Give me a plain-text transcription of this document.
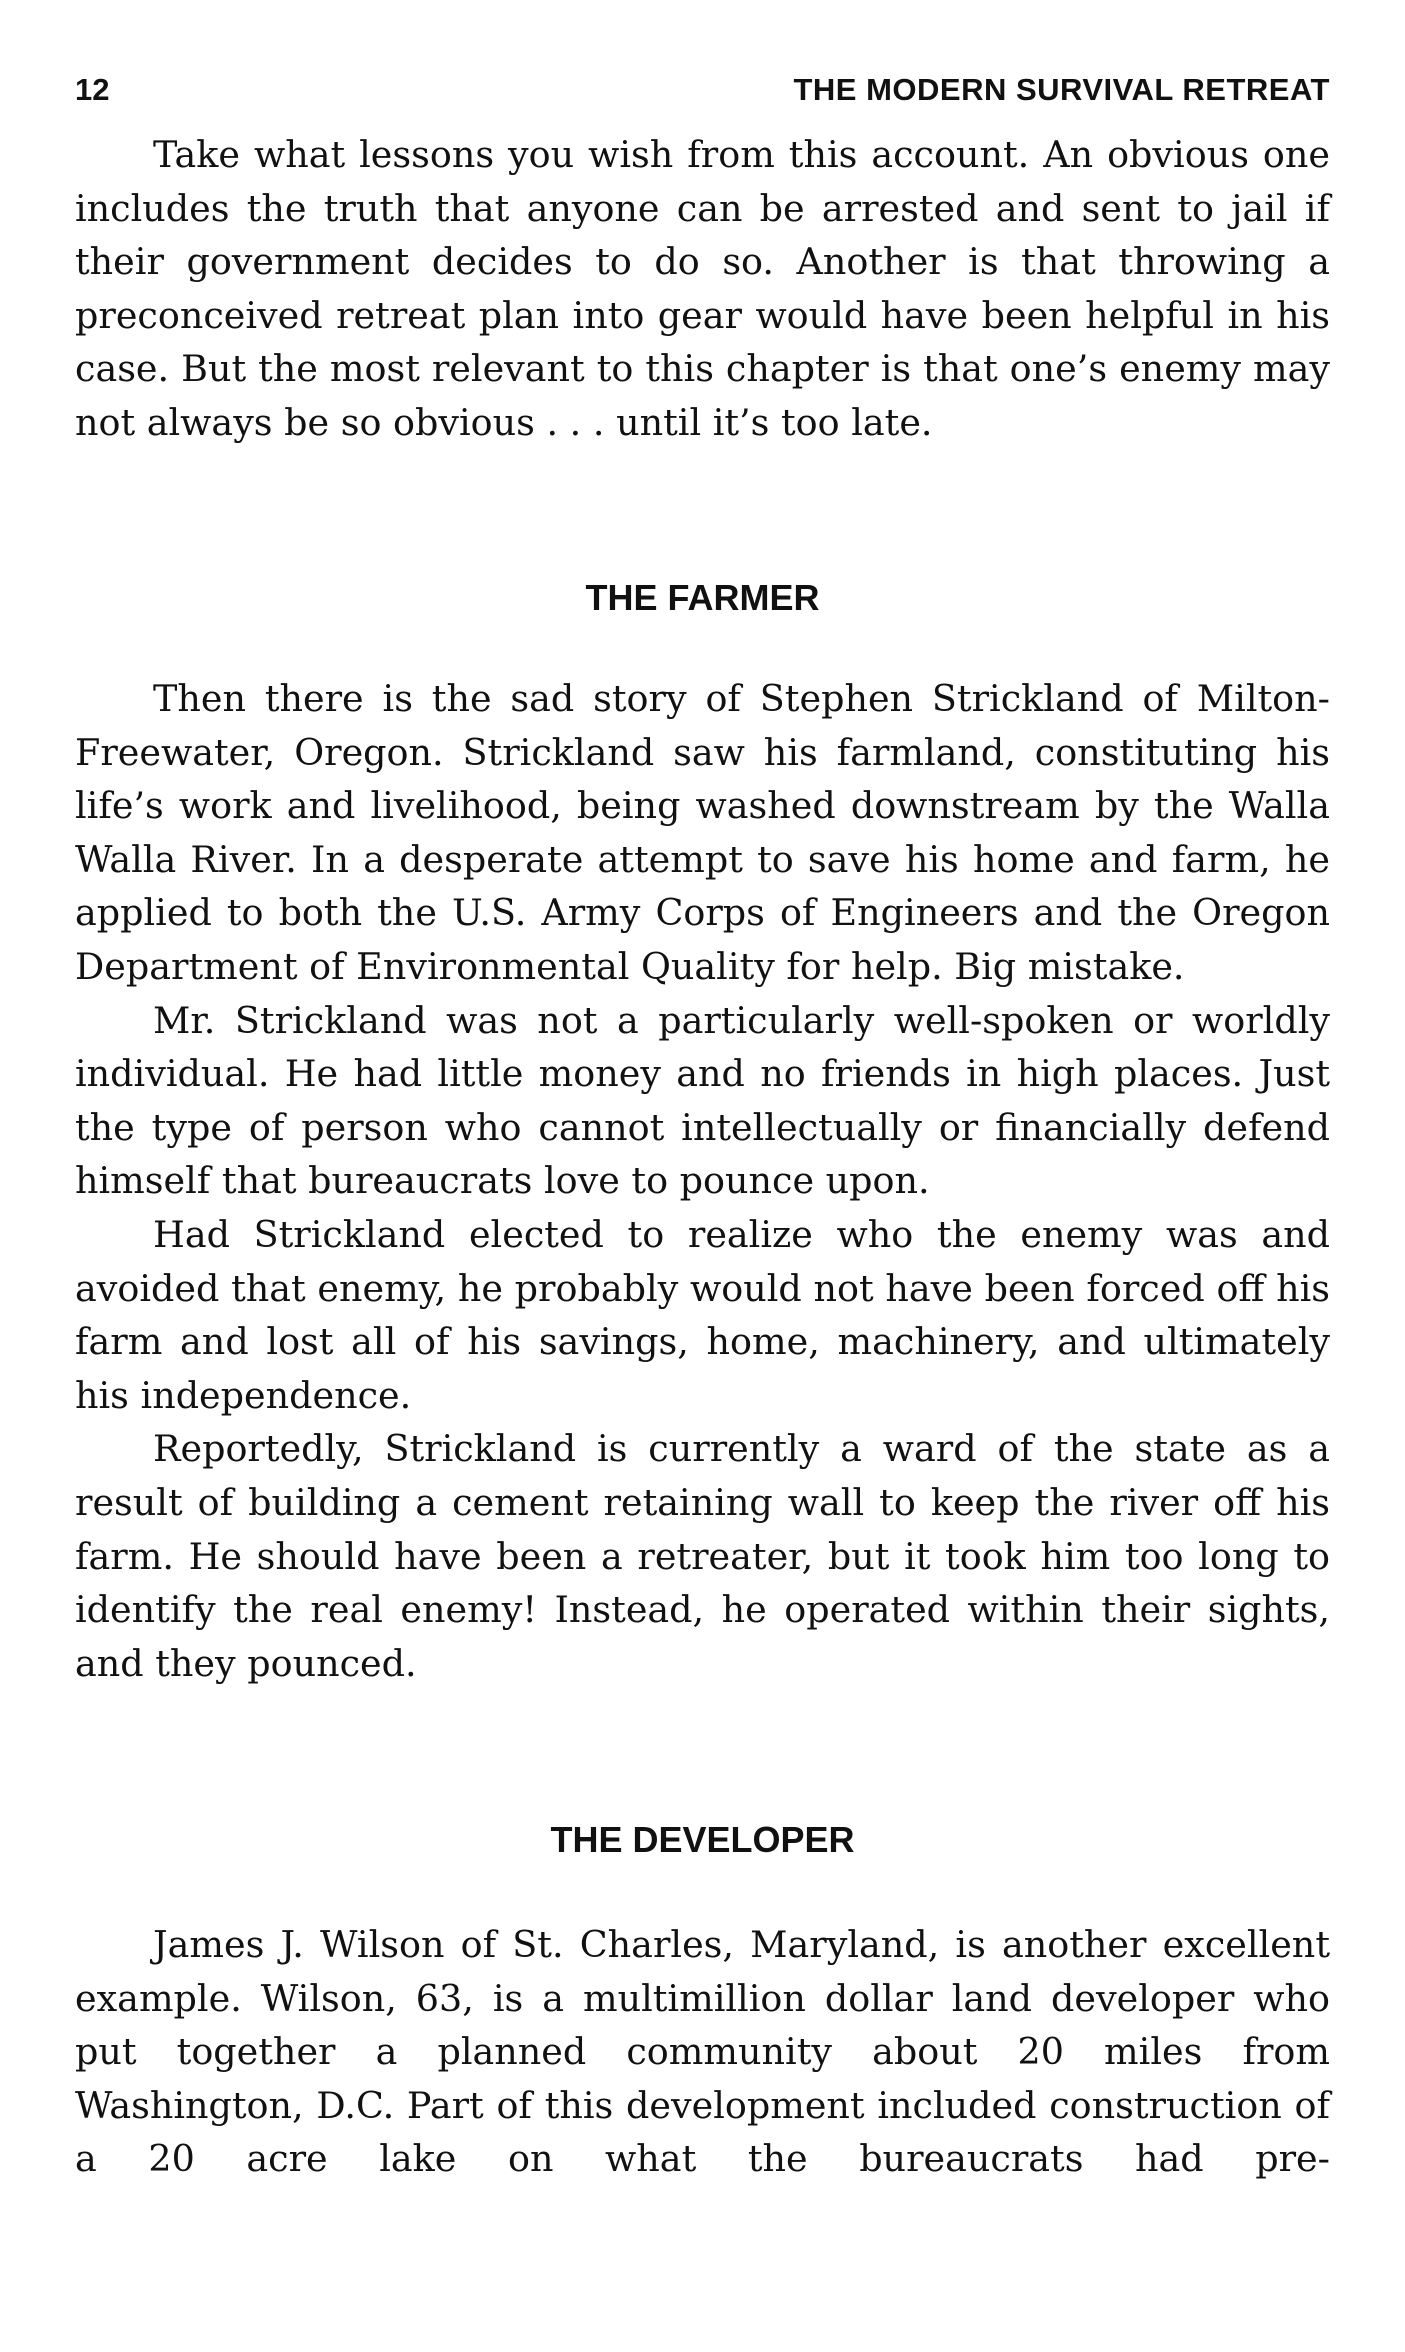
12	THE MODERN SURVIVAL RETREAT

Take what lessons you wish from this account. An obvious one includes the truth that anyone can be arrested and sent to jail if their government decides to do so. Another is that throwing a preconceived retreat plan into gear would have been helpful in his case. But the most relevant to this chapter is that one’s enemy may not always be so obvious . . . until it’s too late.

THE FARMER

Then there is the sad story of Stephen Strickland of Milton-Freewater, Oregon. Strickland saw his farmland, constituting his life’s work and livelihood, being washed downstream by the Walla Walla River. In a desperate attempt to save his home and farm, he applied to both the U.S. Army Corps of Engineers and the Oregon Department of Environmental Quality for help. Big mistake.

Mr. Strickland was not a particularly well-spoken or worldly individual. He had little money and no friends in high places. Just the type of person who cannot intellectually or financially defend himself that bureaucrats love to pounce upon.

Had Strickland elected to realize who the enemy was and avoided that enemy, he probably would not have been forced off his farm and lost all of his savings, home, machinery, and ultimately his independence.

Reportedly, Strickland is currently a ward of the state as a result of building a cement retaining wall to keep the river off his farm. He should have been a retreater, but it took him too long to identify the real enemy! Instead, he operated within their sights, and they pounced.

THE DEVELOPER

James J. Wilson of St. Charles, Maryland, is another excellent example. Wilson, 63, is a multimillion dollar land developer who put together a planned community about 20 miles from Washington, D.C. Part of this development included construction of a 20 acre lake on what the bureaucrats had pre-
